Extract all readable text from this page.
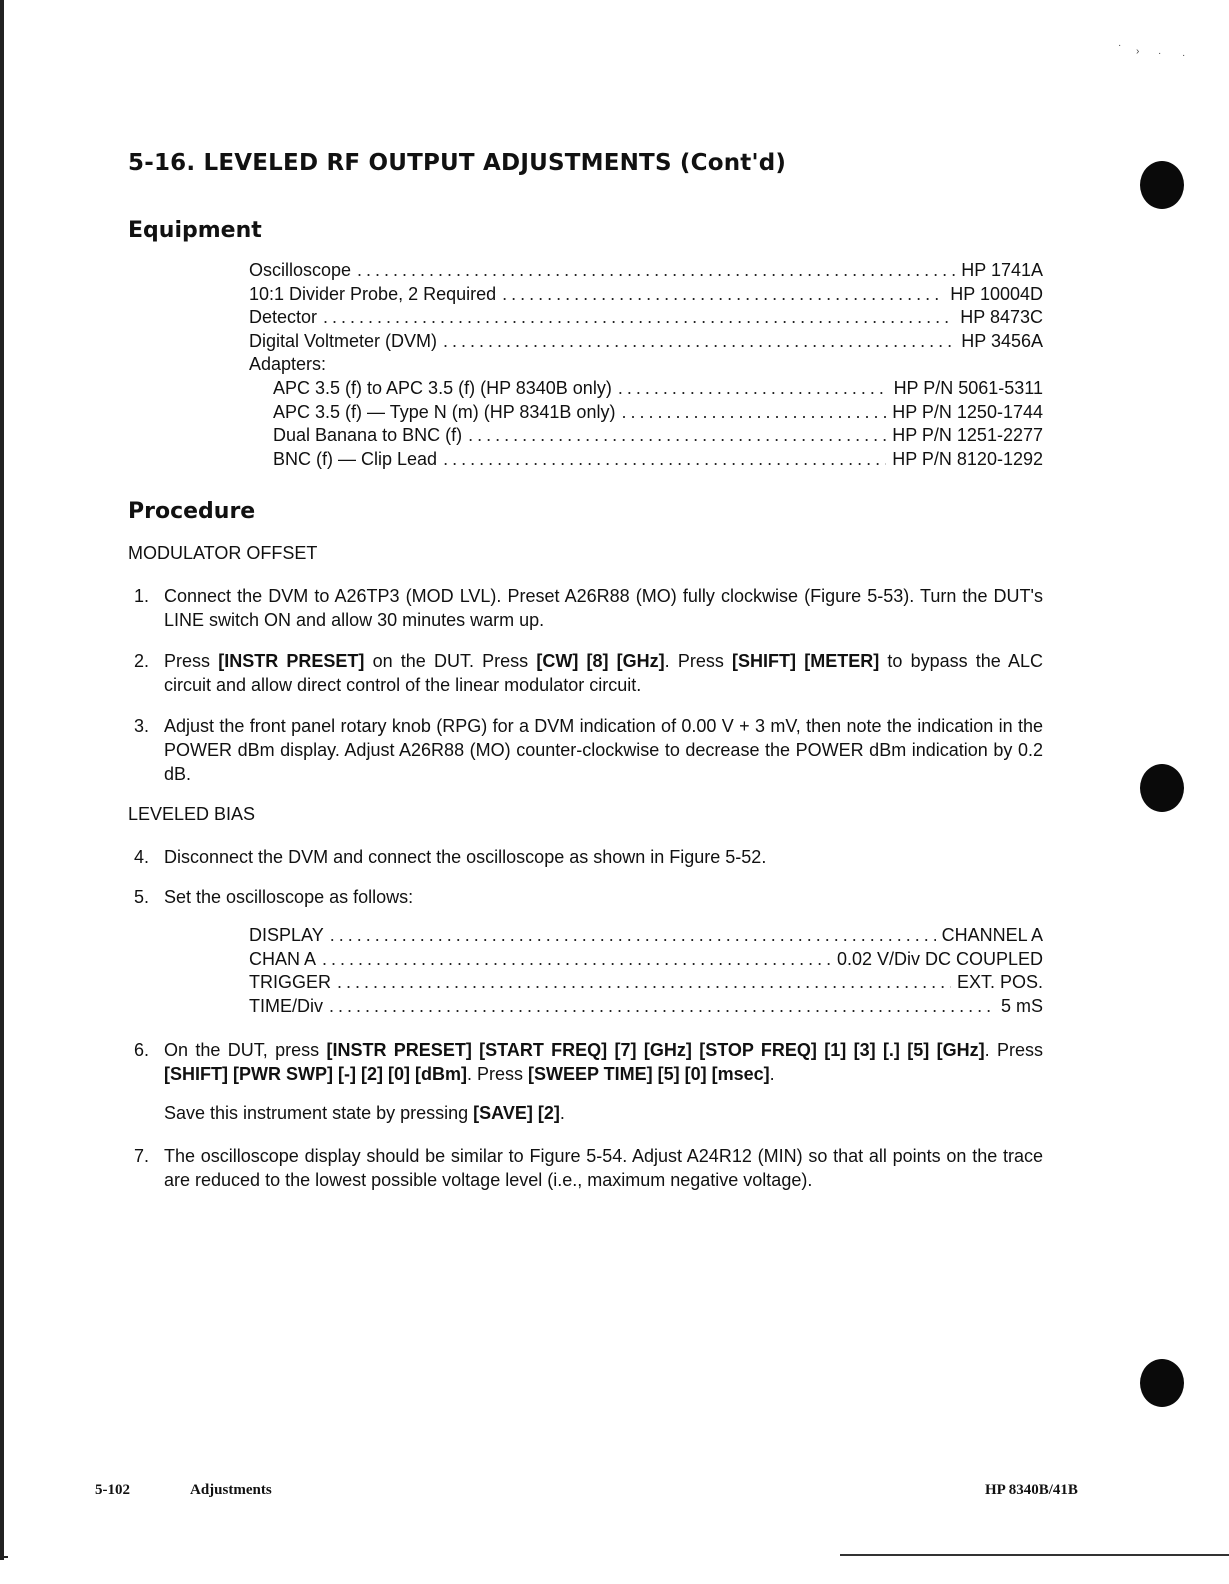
·
› · ·
5-16. LEVELED RF OUTPUT ADJUSTMENTS (Cont'd)
Equipment
Oscilloscope .....	HP 1741A
10:1 Divider Probe, 2 Required .....	HP 10004D
Detector .....	HP 8473C
Digital Voltmeter (DVM) .....	HP 3456A
Adapters:
APC 3.5 (f) to APC 3.5 (f) (HP 8340B only) .....	HP P/N 5061-5311
APC 3.5 (f) — Type N (m) (HP 8341B only) .....	HP P/N 1250-1744
Dual Banana to BNC (f) .....	HP P/N 1251-2277
BNC (f) — Clip Lead .....	HP P/N 8120-1292
Procedure

MODULATOR OFFSET

1. Connect the DVM to A26TP3 (MOD LVL). Preset A26R88 (MO) fully clockwise (Figure 5-53). Turn the DUT's LINE switch ON and allow 30 minutes warm up.
2. Press [INSTR PRESET] on the DUT. Press [CW] [8] [GHz]. Press [SHIFT] [METER] to bypass the ALC circuit and allow direct control of the linear modulator circuit.
3. Adjust the front panel rotary knob (RPG) for a DVM indication of 0.00 V + 3 mV, then note the indication in the POWER dBm display. Adjust A26R88 (MO) counter-clockwise to decrease the POWER dBm indication by 0.2 dB.

LEVELED BIAS

4. Disconnect the DVM and connect the oscilloscope as shown in Figure 5-52.
5. Set the oscilloscope as follows:
DISPLAY .....	CHANNEL A
CHAN A .....	0.02 V/Div DC COUPLED
TRIGGER .....	EXT. POS.
TIME/Div .....	5 mS
6. On the DUT, press [INSTR PRESET] [START FREQ] [7] [GHz] [STOP FREQ] [1] [3] [.] [5] [GHz]. Press [SHIFT] [PWR SWP] [-] [2] [0] [dBm]. Press [SWEEP TIME] [5] [0] [msec].
Save this instrument state by pressing [SAVE] [2].
7. The oscilloscope display should be similar to Figure 5-54. Adjust A24R12 (MIN) so that all points on the trace are reduced to the lowest possible voltage level (i.e., maximum negative voltage).
5-102	Adjustments	HP 8340B/41B
